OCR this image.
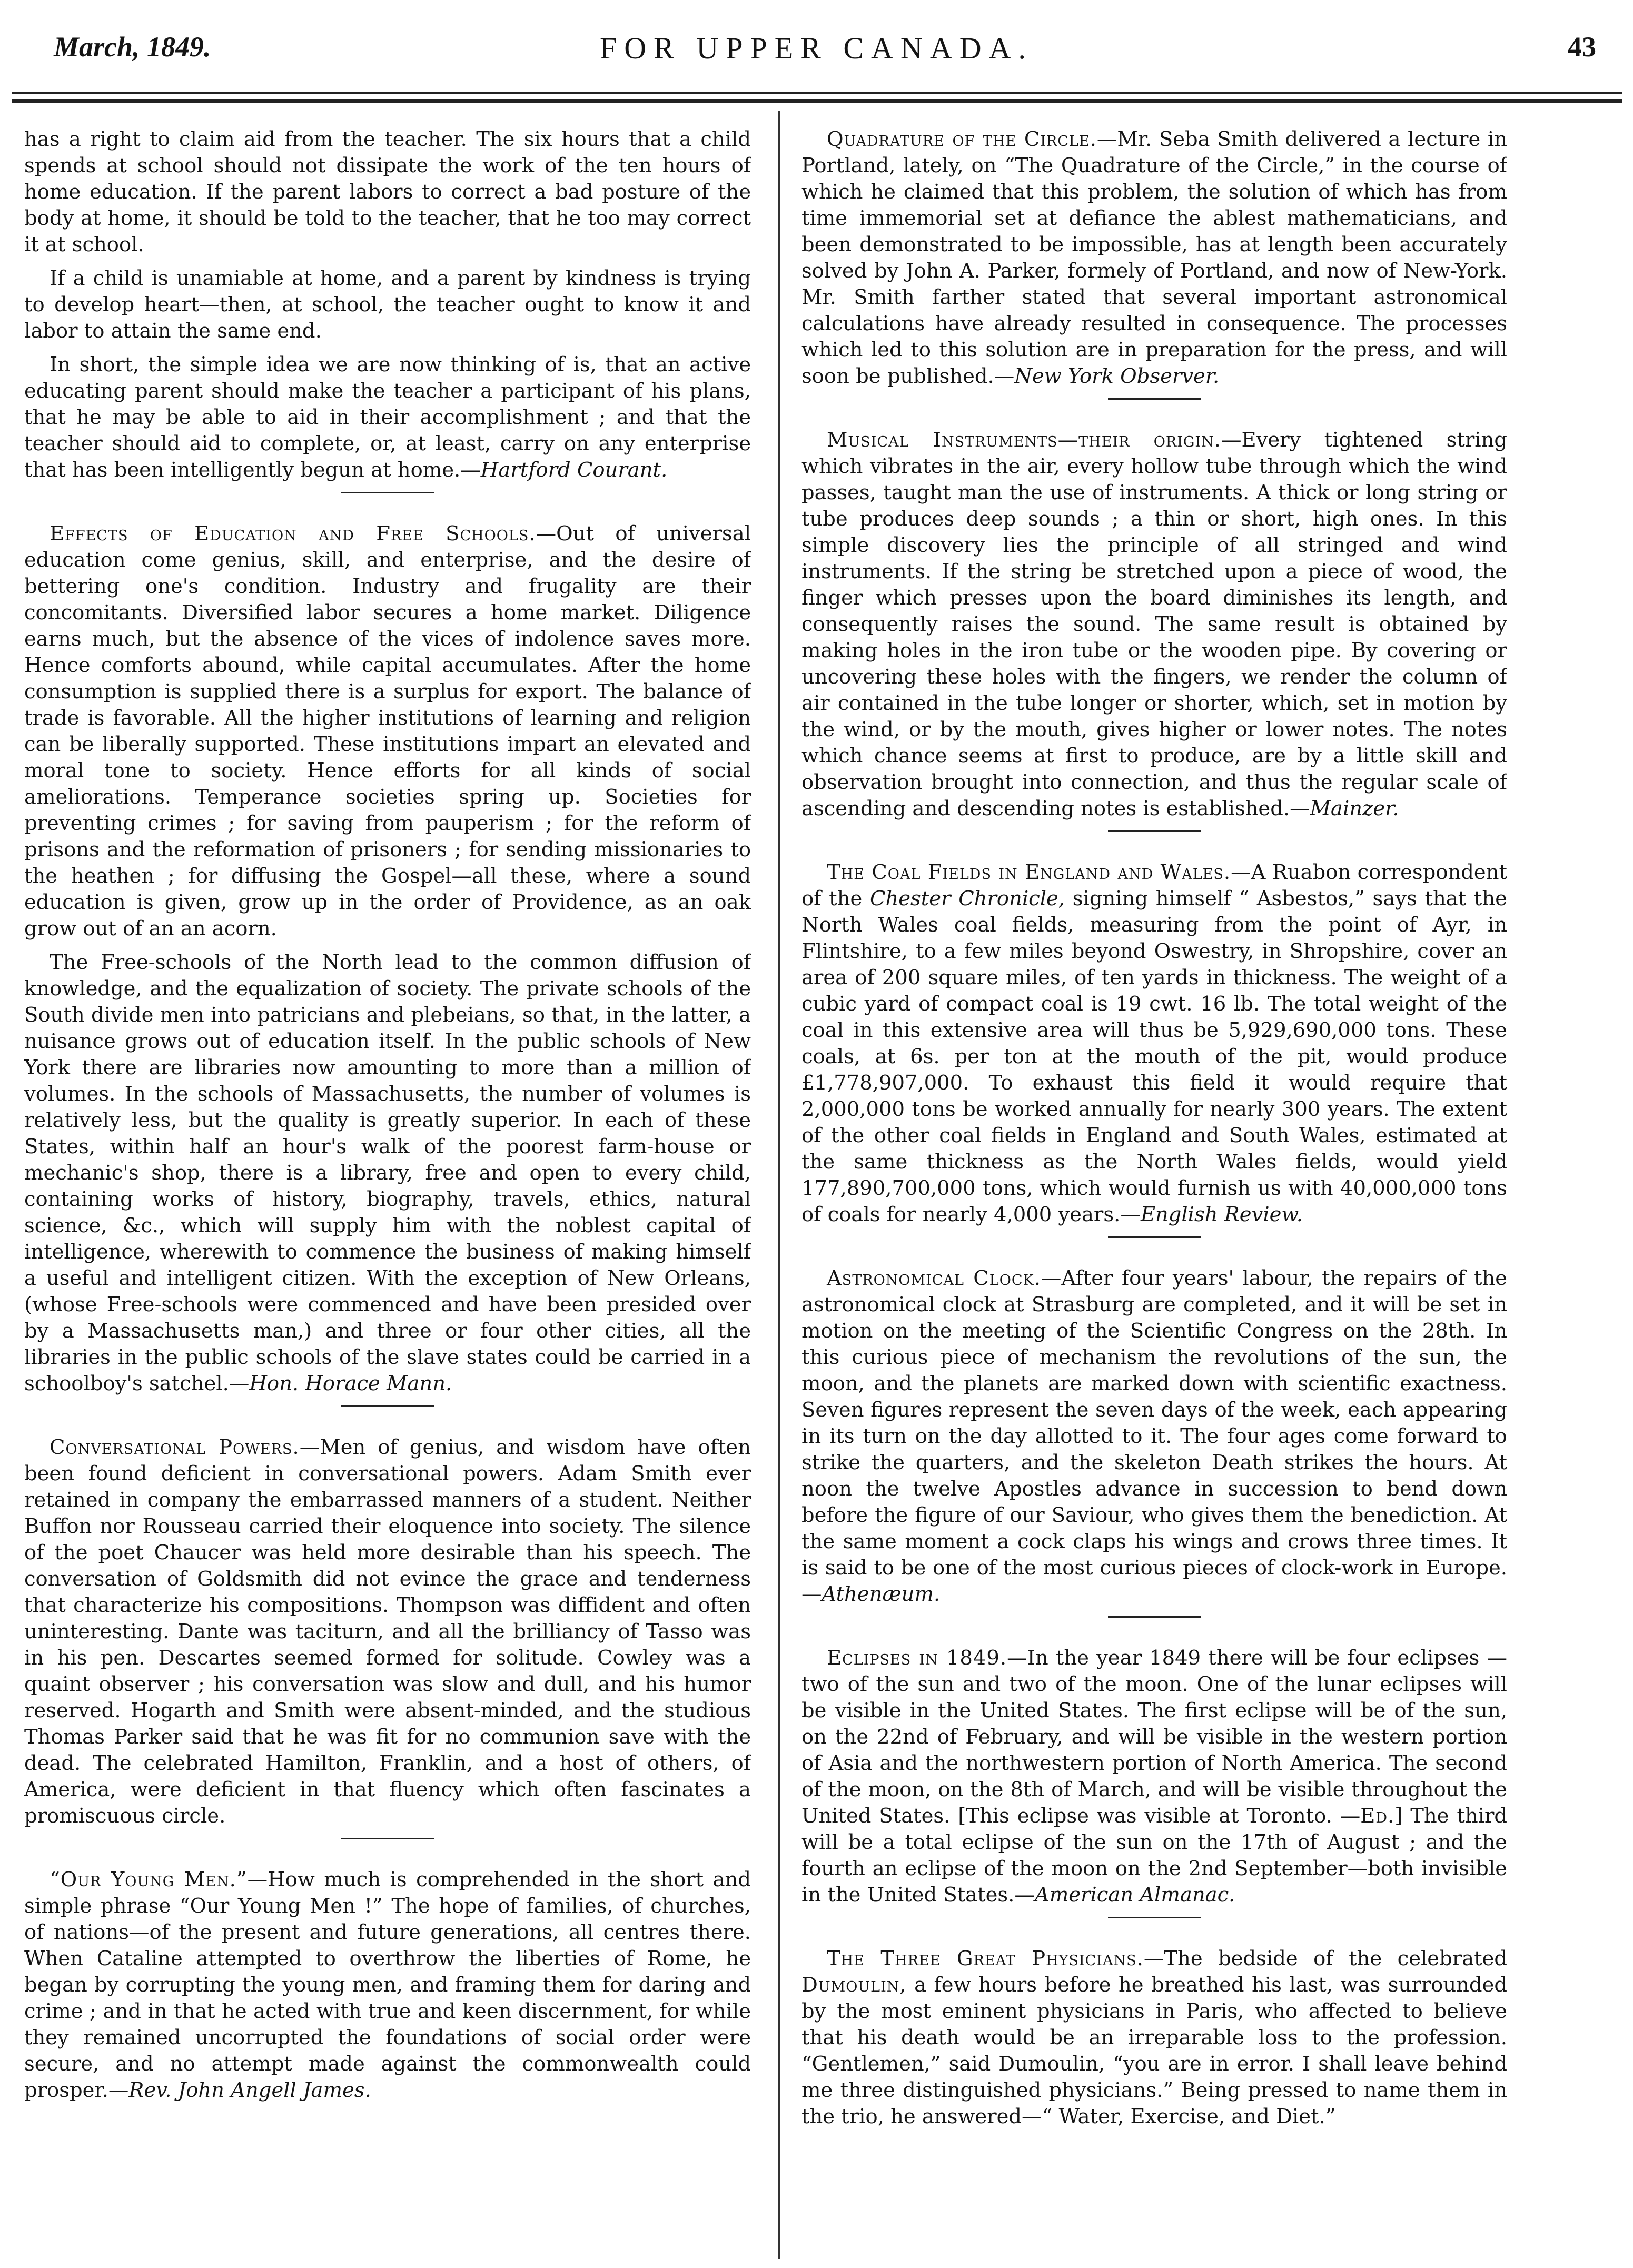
March, 1849.	FOR UPPER CANADA.	43

has a right to claim aid from the teacher. The six hours that a child spends at school should not dissipate the work of the ten hours of home education. If the parent labors to correct a bad posture of the body at home, it should be told to the teacher, that he too may correct it at school.

If a child is unamiable at home, and a parent by kindness is trying to develop heart—then, at school, the teacher ought to know it and labor to attain the same end.

In short, the simple idea we are now thinking of is, that an active educating parent should make the teacher a participant of his plans, that he may be able to aid in their accomplishment ; and that the teacher should aid to complete, or, at least, carry on any enterprise that has been intelligently begun at home.—Hartford Courant.

Effects of Education and Free Schools.—Out of universal education come genius, skill, and enterprise, and the desire of bettering one's condition. Industry and frugality are their concomitants. Diversified labor secures a home market. Diligence earns much, but the absence of the vices of indolence saves more. Hence comforts abound, while capital accumulates. After the home consumption is supplied there is a surplus for export. The balance of trade is favorable. All the higher institutions of learning and religion can be liberally supported. These institutions impart an elevated and moral tone to society. Hence efforts for all kinds of social ameliorations. Temperance societies spring up. Societies for preventing crimes ; for saving from pauperism ; for the reform of prisons and the reformation of prisoners ; for sending missionaries to the heathen ; for diffusing the Gospel—all these, where a sound education is given, grow up in the order of Providence, as an oak grow out of an an acorn.

The Free-schools of the North lead to the common diffusion of knowledge, and the equalization of society. The private schools of the South divide men into patricians and plebeians, so that, in the latter, a nuisance grows out of education itself. In the public schools of New York there are libraries now amounting to more than a million of volumes. In the schools of Massachusetts, the number of volumes is relatively less, but the quality is greatly superior. In each of these States, within half an hour's walk of the poorest farm-house or mechanic's shop, there is a library, free and open to every child, containing works of history, biography, travels, ethics, natural science, &c., which will supply him with the noblest capital of intelligence, wherewith to commence the business of making himself a useful and intelligent citizen. With the exception of New Orleans, (whose Free-schools were commenced and have been presided over by a Massachusetts man,) and three or four other cities, all the libraries in the public schools of the slave states could be carried in a schoolboy's satchel.—Hon. Horace Mann.

Conversational Powers.—Men of genius, and wisdom have often been found deficient in conversational powers. Adam Smith ever retained in company the embarrassed manners of a student. Neither Buffon nor Rousseau carried their eloquence into society. The silence of the poet Chaucer was held more desirable than his speech. The conversation of Goldsmith did not evince the grace and tenderness that characterize his compositions. Thompson was diffident and often uninteresting. Dante was taciturn, and all the brilliancy of Tasso was in his pen. Descartes seemed formed for solitude. Cowley was a quaint observer ; his conversation was slow and dull, and his humor reserved. Hogarth and Smith were absent-minded, and the studious Thomas Parker said that he was fit for no communion save with the dead. The celebrated Hamilton, Franklin, and a host of others, of America, were deficient in that fluency which often fascinates a promiscuous circle.

“Our Young Men.”—How much is comprehended in the short and simple phrase “Our Young Men !” The hope of families, of churches, of nations—of the present and future generations, all centres there. When Cataline attempted to overthrow the liberties of Rome, he began by corrupting the young men, and framing them for daring and crime ; and in that he acted with true and keen discernment, for while they remained uncorrupted the foundations of social order were secure, and no attempt made against the commonwealth could prosper.—Rev. John Angell James.

Quadrature of the Circle.—Mr. Seba Smith delivered a lecture in Portland, lately, on “The Quadrature of the Circle,” in the course of which he claimed that this problem, the solution of which has from time immemorial set at defiance the ablest mathematicians, and been demonstrated to be impossible, has at length been accurately solved by John A. Parker, formely of Portland, and now of New-York. Mr. Smith farther stated that several important astronomical calculations have already resulted in consequence. The processes which led to this solution are in preparation for the press, and will soon be published.—New York Observer.

Musical Instruments—their origin.—Every tightened string which vibrates in the air, every hollow tube through which the wind passes, taught man the use of instruments. A thick or long string or tube produces deep sounds ; a thin or short, high ones. In this simple discovery lies the principle of all stringed and wind instruments. If the string be stretched upon a piece of wood, the finger which presses upon the board diminishes its length, and consequently raises the sound. The same result is obtained by making holes in the iron tube or the wooden pipe. By covering or uncovering these holes with the fingers, we render the column of air contained in the tube longer or shorter, which, set in motion by the wind, or by the mouth, gives higher or lower notes. The notes which chance seems at first to produce, are by a little skill and observation brought into connection, and thus the regular scale of ascending and descending notes is established.—Mainzer.

The Coal Fields in England and Wales.—A Ruabon correspondent of the Chester Chronicle, signing himself “ Asbestos,” says that the North Wales coal fields, measuring from the point of Ayr, in Flintshire, to a few miles beyond Oswestry, in Shropshire, cover an area of 200 square miles, of ten yards in thickness. The weight of a cubic yard of compact coal is 19 cwt. 16 lb. The total weight of the coal in this extensive area will thus be 5,929,690,000 tons. These coals, at 6s. per ton at the mouth of the pit, would produce £1,778,907,000. To exhaust this field it would require that 2,000,000 tons be worked annually for nearly 300 years. The extent of the other coal fields in England and South Wales, estimated at the same thickness as the North Wales fields, would yield 177,890,700,000 tons, which would furnish us with 40,000,000 tons of coals for nearly 4,000 years.—English Review.

Astronomical Clock.—After four years' labour, the repairs of the astronomical clock at Strasburg are completed, and it will be set in motion on the meeting of the Scientific Congress on the 28th. In this curious piece of mechanism the revolutions of the sun, the moon, and the planets are marked down with scientific exactness. Seven figures represent the seven days of the week, each appearing in its turn on the day allotted to it. The four ages come forward to strike the quarters, and the skeleton Death strikes the hours. At noon the twelve Apostles advance in succession to bend down before the figure of our Saviour, who gives them the benediction. At the same moment a cock claps his wings and crows three times. It is said to be one of the most curious pieces of clock-work in Europe.—Athenæum.

Eclipses in 1849.—In the year 1849 there will be four eclipses —two of the sun and two of the moon. One of the lunar eclipses will be visible in the United States. The first eclipse will be of the sun, on the 22nd of February, and will be visible in the western portion of Asia and the northwestern portion of North America. The second of the moon, on the 8th of March, and will be visible throughout the United States. [This eclipse was visible at Toronto. —Ed.] The third will be a total eclipse of the sun on the 17th of August ; and the fourth an eclipse of the moon on the 2nd September—both invisible in the United States.—American Almanac.

The Three Great Physicians.—The bedside of the celebrated Dumoulin, a few hours before he breathed his last, was surrounded by the most eminent physicians in Paris, who affected to believe that his death would be an irreparable loss to the profession. “Gentlemen,” said Dumoulin, “you are in error. I shall leave behind me three distinguished physicians.” Being pressed to name them in the trio, he answered—“ Water, Exercise, and Diet.”
